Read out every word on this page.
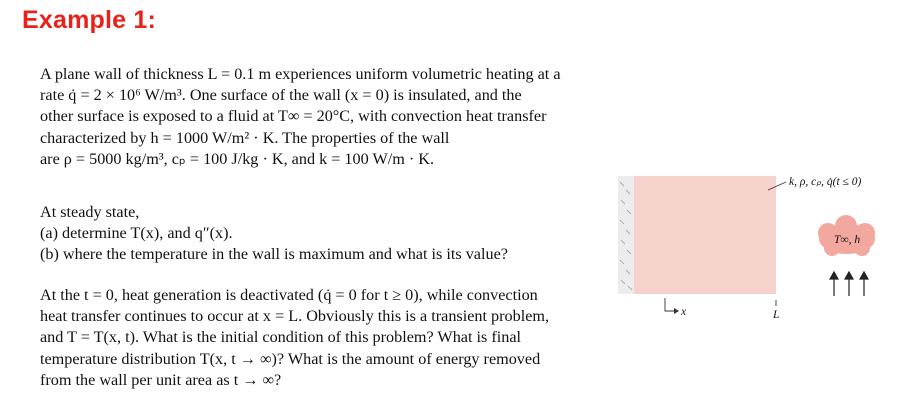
Example 1:
A plane wall of thickness L = 0.1 m experiences uniform volumetric heating at a
rate q̇ = 2 × 10⁶ W/m³. One surface of the wall (x = 0) is insulated, and the
other surface is exposed to a fluid at T∞ = 20°C, with convection heat transfer
characterized by h = 1000 W/m² · K. The properties of the wall
are ρ = 5000 kg/m³, cₚ = 100 J/kg · K, and k = 100 W/m · K.
At steady state,
(a) determine T(x), and q″(x).
(b) where the temperature in the wall is maximum and what is its value?
At the t = 0, heat generation is deactivated (q̇ = 0 for t ≥ 0), while convection
heat transfer continues to occur at x = L. Obviously this is a transient problem,
and T = T(x, t). What is the initial condition of this problem? What is final
temperature distribution T(x, t → ∞)? What is the amount of energy removed
from the wall per unit area as t → ∞?
k, ρ, cₚ, q̇(t ≤ 0)
T∞, h
x	L
